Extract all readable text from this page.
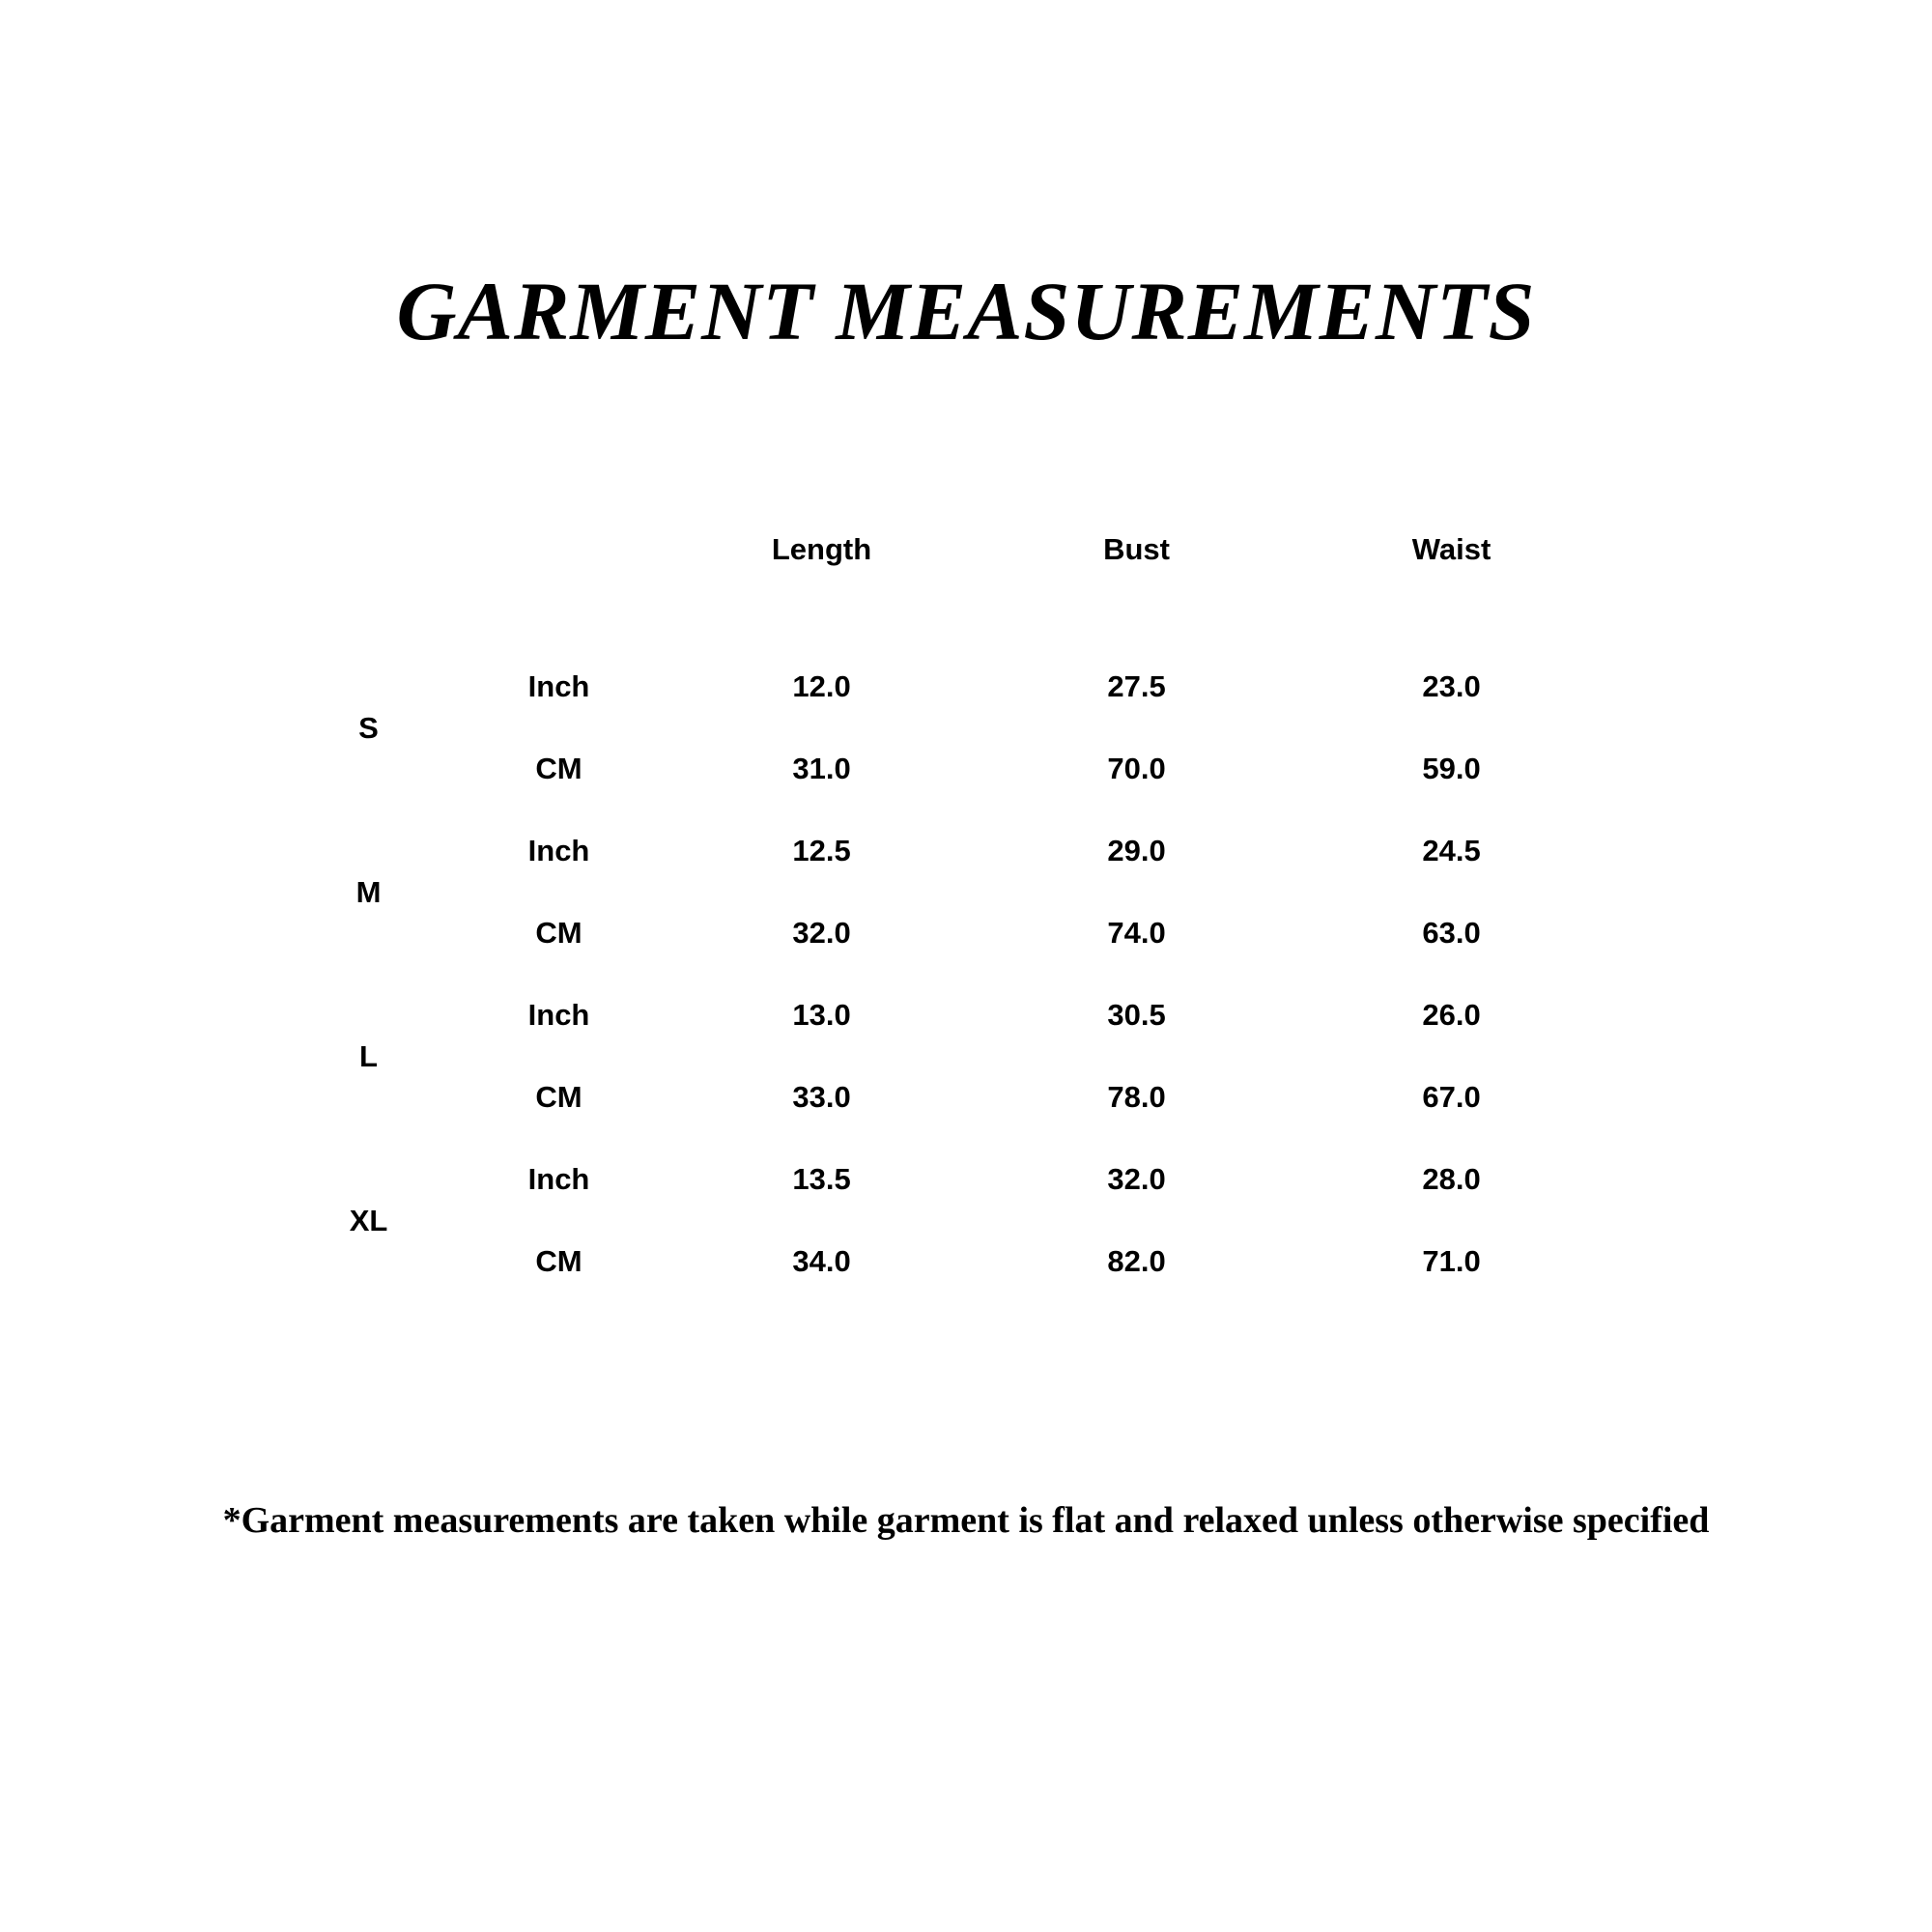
GARMENT MEASUREMENTS
Unit: $\frac{\text{Inch}}{CM}$		Length	Bust	Waist
S	Inch	12.0	27.5	23.0
	CM	31.0	70.0	59.0
M	Inch	12.5	29.0	24.5
	CM	32.0	74.0	63.0
L	Inch	13.0	30.5	26.0
	CM	33.0	78.0	67.0
XL	Inch	13.5	32.0	28.0
	CM	34.0	82.0	71.0
*Garment measurements are taken while garment is flat and relaxed unless otherwise specified
